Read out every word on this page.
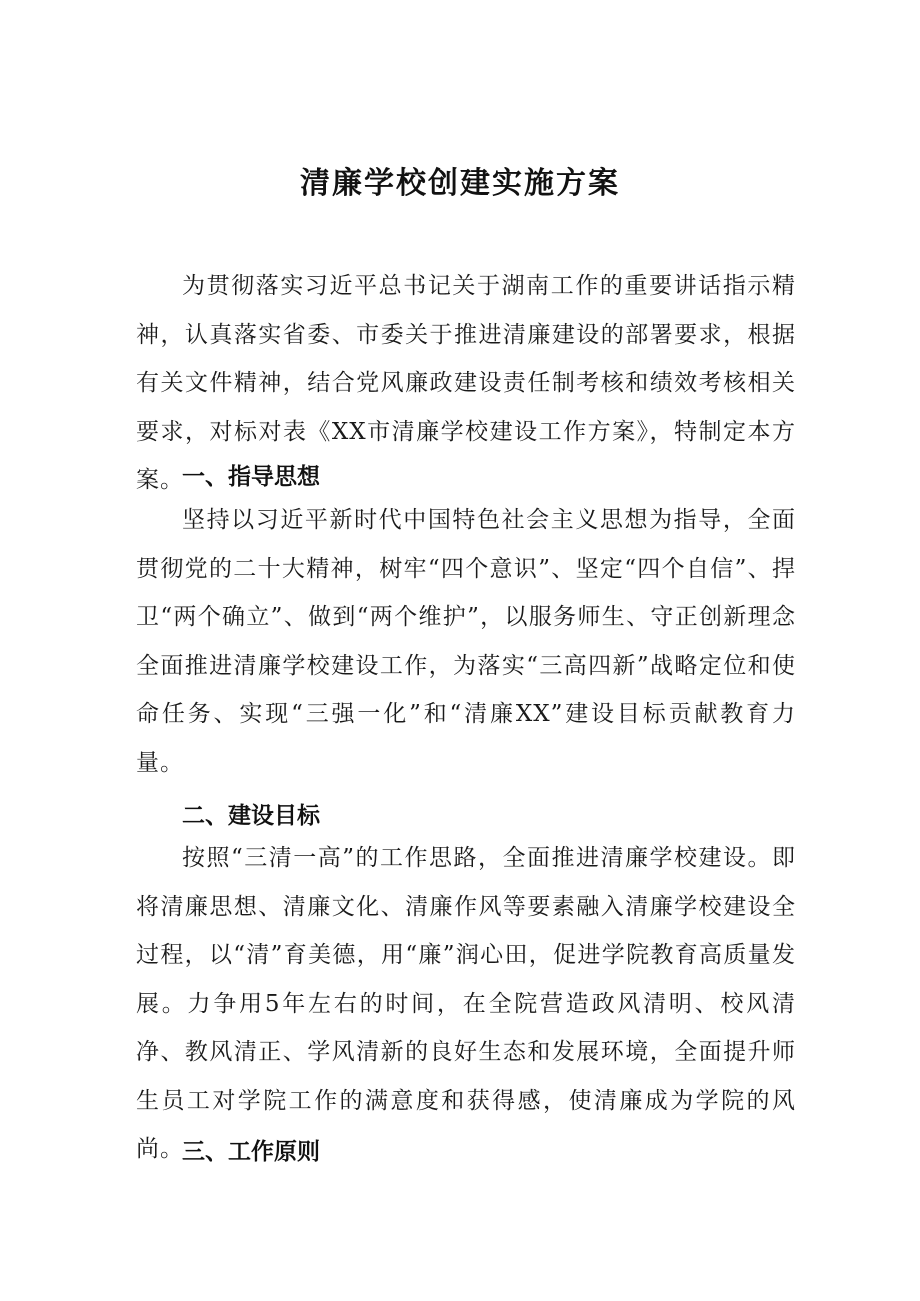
清廉学校创建实施方案
为贯彻落实习近平总书记关于湖南工作的重要讲话指示精神，认真落实省委、市委关于推进清廉建设的部署要求，根据有关文件精神，结合党风廉政建设责任制考核和绩效考核相关要求，对标对表《XX市清廉学校建设工作方案》，特制定本方案。
一、指导思想
坚持以习近平新时代中国特色社会主义思想为指导，全面贯彻党的二十大精神，树牢“四个意识”、坚定“四个自信”、捍卫“两个确立”、做到“两个维护”，以服务师生、守正创新理念全面推进清廉学校建设工作，为落实“三高四新”战略定位和使命任务、实现“三强一化”和“清廉XX”建设目标贡献教育力量。
二、建设目标
按照“三清一高”的工作思路，全面推进清廉学校建设。即将清廉思想、清廉文化、清廉作风等要素融入清廉学校建设全过程，以“清”育美德，用“廉”润心田，促进学院教育高质量发展。力争用5年左右的时间，在全院营造政风清明、校风清净、教风清正、学风清新的良好生态和发展环境，全面提升师生员工对学院工作的满意度和获得感，使清廉成为学院的风尚。
三、工作原则
